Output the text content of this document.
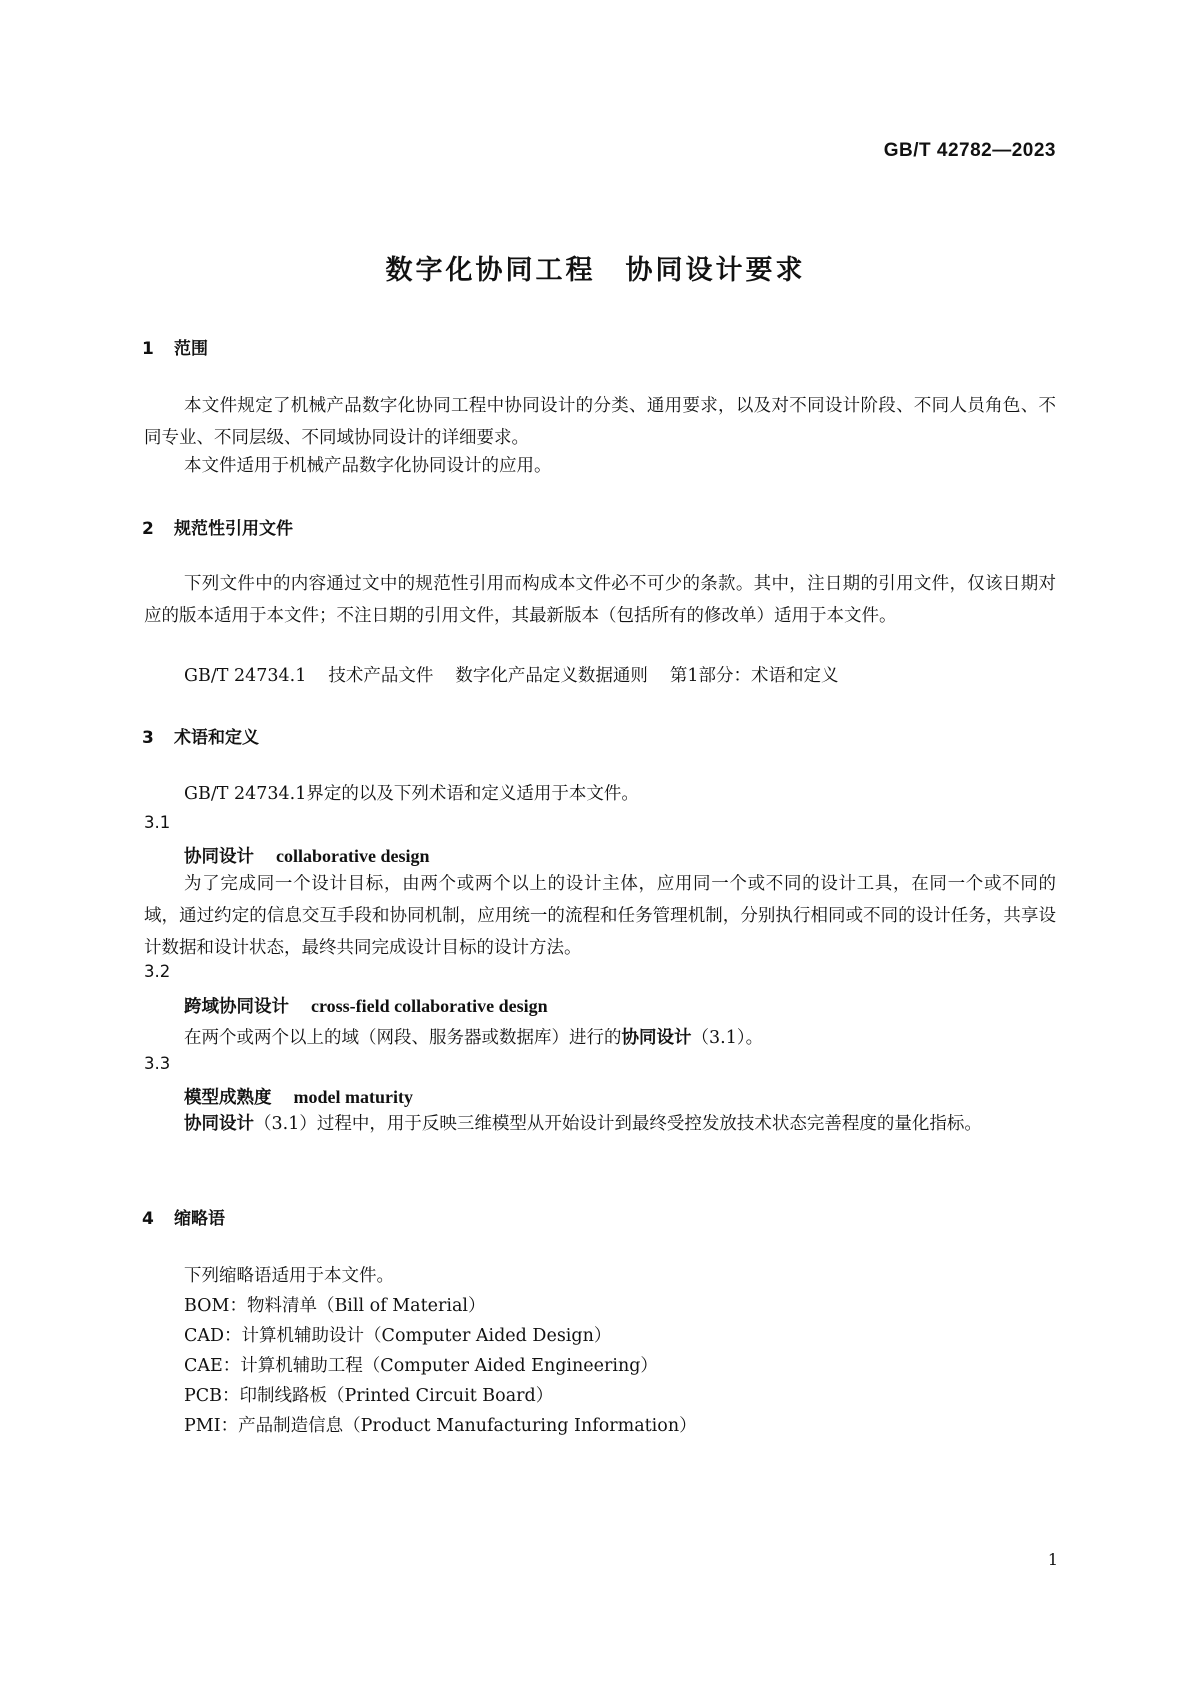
GB/T 42782—2023
数字化协同工程 协同设计要求
1 范围
本文件规定了机械产品数字化协同工程中协同设计的分类、通用要求，以及对不同设计阶段、不同人员角色、不同专业、不同层级、不同域协同设计的详细要求。
本文件适用于机械产品数字化协同设计的应用。
2 规范性引用文件
下列文件中的内容通过文中的规范性引用而构成本文件必不可少的条款。其中，注日期的引用文件，仅该日期对应的版本适用于本文件；不注日期的引用文件，其最新版本（包括所有的修改单）适用于本文件。
GB/T 24734.1 技术产品文件 数字化产品定义数据通则 第1部分：术语和定义
3 术语和定义
GB/T 24734.1界定的以及下列术语和定义适用于本文件。
3.1
协同设计 collaborative design
为了完成同一个设计目标，由两个或两个以上的设计主体，应用同一个或不同的设计工具，在同一个或不同的域，通过约定的信息交互手段和协同机制，应用统一的流程和任务管理机制，分别执行相同或不同的设计任务，共享设计数据和设计状态，最终共同完成设计目标的设计方法。
3.2
跨域协同设计 cross-field collaborative design
在两个或两个以上的域（网段、服务器或数据库）进行的协同设计（3.1）。
3.3
模型成熟度 model maturity
协同设计（3.1）过程中，用于反映三维模型从开始设计到最终受控发放技术状态完善程度的量化指标。
4 缩略语
下列缩略语适用于本文件。
BOM：物料清单（Bill of Material）
CAD：计算机辅助设计（Computer Aided Design）
CAE：计算机辅助工程（Computer Aided Engineering）
PCB：印制线路板（Printed Circuit Board）
PMI：产品制造信息（Product Manufacturing Information）
1
